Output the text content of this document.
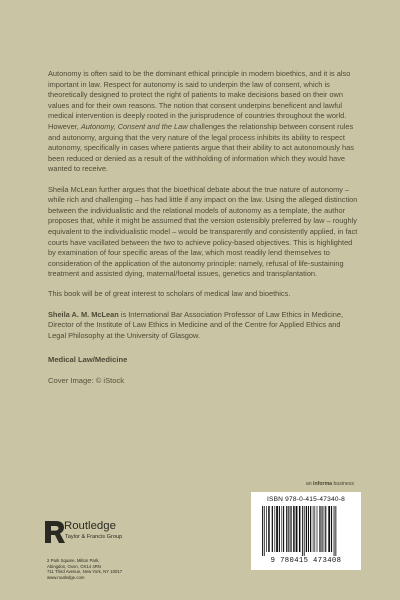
Autonomy is often said to be the dominant ethical principle in modern bioethics, and it is also important in law. Respect for autonomy is said to underpin the law of consent, which is theoretically designed to protect the right of patients to make decisions based on their own values and for their own reasons. The notion that consent underpins beneficent and lawful medical intervention is deeply rooted in the jurisprudence of countries throughout the world. However, Autonomy, Consent and the Law challenges the relationship between consent rules and autonomy, arguing that the very nature of the legal process inhibits its ability to respect autonomy, specifically in cases where patients argue that their ability to act autonomously has been reduced or denied as a result of the withholding of information which they would have wanted to receive.

Sheila McLean further argues that the bioethical debate about the true nature of autonomy – while rich and challenging – has had little if any impact on the law. Using the alleged distinction between the individualistic and the relational models of autonomy as a template, the author proposes that, while it might be assumed that the version ostensibly preferred by law – roughly equivalent to the individualistic model – would be transparently and consistently applied, in fact courts have vacillated between the two to achieve policy-based objectives. This is highlighted by examination of four specific areas of the law, which most readily lend themselves to consideration of the application of the autonomy principle: namely, refusal of life-sustaining treatment and assisted dying, maternal/foetal issues, genetics and transplantation.

This book will be of great interest to scholars of medical law and bioethics.

Sheila A. M. McLean is International Bar Association Professor of Law Ethics in Medicine, Director of the Institute of Law Ethics in Medicine and of the Centre for Applied Ethics and Legal Philosophy at the University of Glasgow.

Medical Law/Medicine
Cover Image: © iStock
an informa business
ISBN 978-0-415-47340-8
9 780415 473408
Routledge
Taylor & Francis Group
2 Park Square, Milton Park,
Abingdon, Oxon, OX14 4RN
711 Third Avenue, New York, NY 10017
www.routledge.com
